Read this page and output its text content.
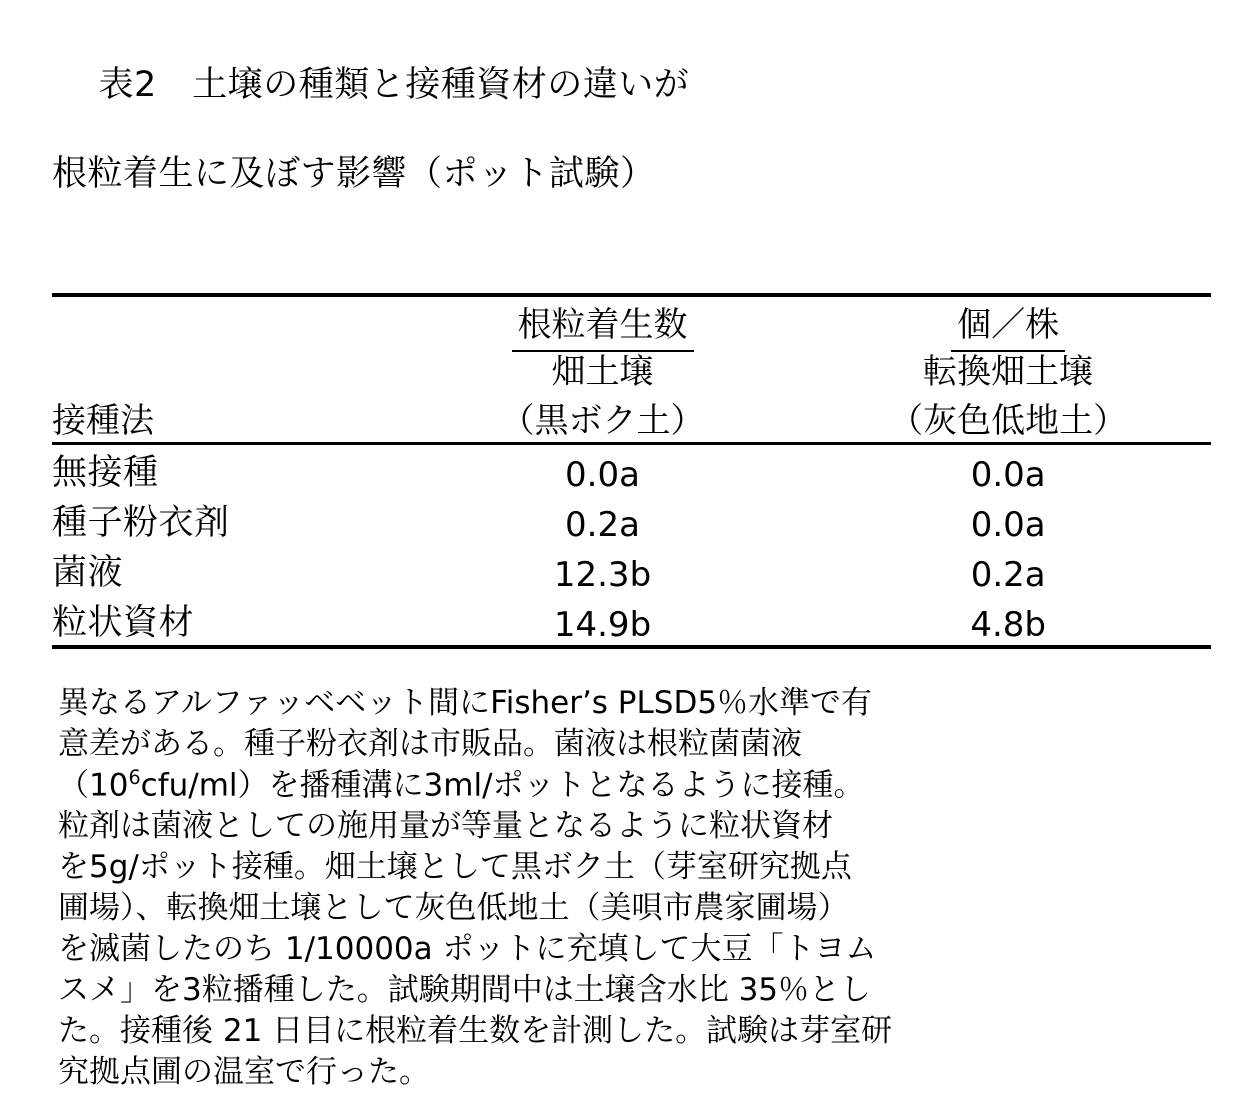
表2　土壌の種類と接種資材の違いが

根粒着生に及ぼす影響（ポット試験）

	根粒着生数	個／株
	畑土壌	転換畑土壌
接種法	（黒ボク土）	（灰色低地土）
無接種	0.0a	0.0a
種子粉衣剤	0.2a	0.0a
菌液	12.3b	0.2a
粒状資材	14.9b	4.8b
異なるアルファッベベット間にFisher’s PLSD5％水準で有
意差がある。種子粉衣剤は市販品。菌液は根粒菌菌液
$(10^6cfu/ml)$を播種溝に3ml/ポットとなるように接種。
粒剤は菌液としての施用量が等量となるように粒状資材
を5g/ポット接種。畑土壌として黒ボク土（芽室研究拠点
圃場）、転換畑土壌として灰色低地土（美唄市農家圃場）
を滅菌したのち 1/10000a ポットに充填して大豆「トヨム
スメ」を3粒播種した。試験期間中は土壌含水比 35％とし
た。接種後 21 日目に根粒着生数を計測した。試験は芽室研
究拠点圃の温室で行った。
